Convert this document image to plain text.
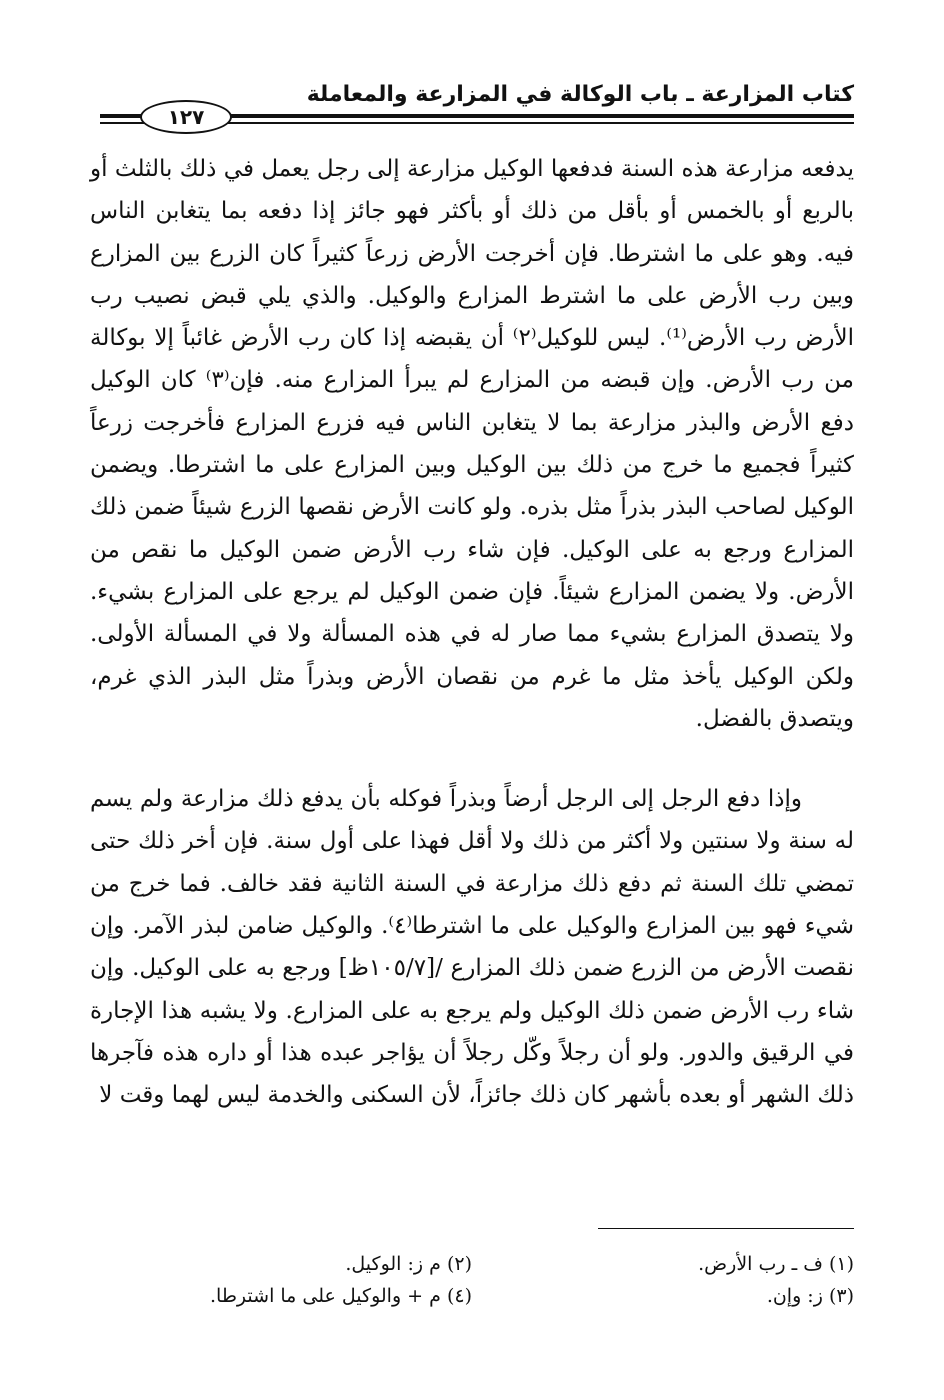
كتاب المزارعة ـ باب الوكالة في المزارعة والمعاملة
١٢٧

يدفعه مزارعة هذه السنة فدفعها الوكيل مزارعة إلى رجل يعمل في ذلك بالثلث أو بالربع أو بالخمس أو بأقل من ذلك أو بأكثر فهو جائز إذا دفعه بما يتغابن الناس فيه. وهو على ما اشترطا. فإن أخرجت الأرض زرعاً كثيراً كان الزرع بين المزارع وبين رب الأرض على ما اشترط المزارع والوكيل. والذي يلي قبض نصيب رب الأرض رب الأرض⁽¹⁾. ليس للوكيل⁽٢⁾ أن يقبضه إذا كان رب الأرض غائباً إلا بوكالة من رب الأرض. وإن قبضه من المزارع لم يبرأ المزارع منه. فإن⁽٣⁾ كان الوكيل دفع الأرض والبذر مزارعة بما لا يتغابن الناس فيه فزرع المزارع فأخرجت زرعاً كثيراً فجميع ما خرج من ذلك بين الوكيل وبين المزارع على ما اشترطا. ويضمن الوكيل لصاحب البذر بذراً مثل بذره. ولو كانت الأرض نقصها الزرع شيئاً ضمن ذلك المزارع ورجع به على الوكيل. فإن شاء رب الأرض ضمن الوكيل ما نقص من الأرض. ولا يضمن المزارع شيئاً. فإن ضمن الوكيل لم يرجع على المزارع بشيء. ولا يتصدق المزارع بشيء مما صار له في هذه المسألة ولا في المسألة الأولى. ولكن الوكيل يأخذ مثل ما غرم من نقصان الأرض وبذراً مثل البذر الذي غرم، ويتصدق بالفضل.

وإذا دفع الرجل إلى الرجل أرضاً وبذراً فوكله بأن يدفع ذلك مزارعة ولم يسم له سنة ولا سنتين ولا أكثر من ذلك ولا أقل فهذا على أول سنة. فإن أخر ذلك حتى تمضي تلك السنة ثم دفع ذلك مزارعة في السنة الثانية فقد خالف. فما خرج من شيء فهو بين المزارع والوكيل على ما اشترطا⁽٤⁾. والوكيل ضامن لبذر الآمر. وإن نقصت الأرض من الزرع ضمن ذلك المزارع /[١٠٥/٧ظ] ورجع به على الوكيل. وإن شاء رب الأرض ضمن ذلك الوكيل ولم يرجع به على المزارع. ولا يشبه هذا الإجارة في الرقيق والدور. ولو أن رجلاً وكّل رجلاً أن يؤاجر عبده هذا أو داره هذه فآجرها ذلك الشهر أو بعده بأشهر كان ذلك جائزاً، لأن السكنى والخدمة ليس لهما وقت لا

(١) ف ـ رب الأرض.
(٢) م ز: الوكيل.
(٣) ز: وإن.
(٤) م + والوكيل على ما اشترطا.
